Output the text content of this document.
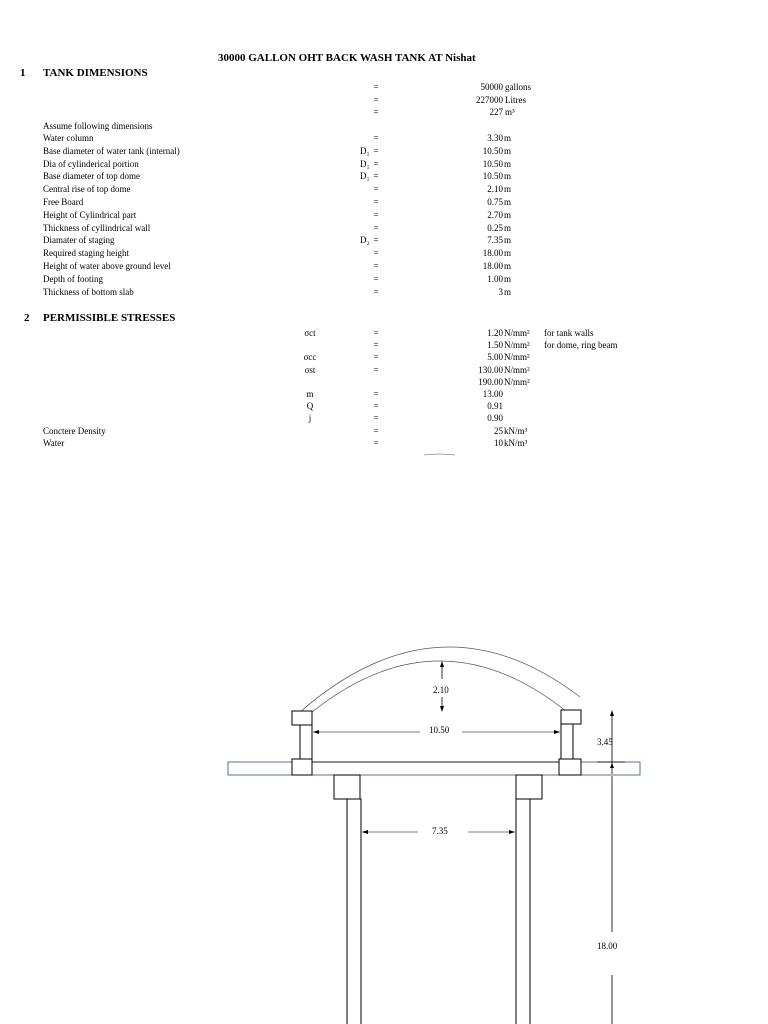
30000 GALLON OHT BACK WASH TANK AT Nishat
1 TANK DIMENSIONS
=	50000 gallons
=	227000 Litres
=	227 m³
Assume following dimensions
Water column	=	3.30 m
Base diameter of water tank (internal)	D₁ =	10.50 m
Dia of cylinderical portion	D₁ =	10.50 m
Base diameter of top dome	D₁ =	10.50 m
Central rise of top dome	=	2.10 m
Free Board	=	0.75 m
Height of Cylindrical part	=	2.70 m
Thickness of cyllindrical wall	=	0.25 m
Diamater of staging	D₂ =	7.35 m
Required staging height	=	18.00 m
Height of water above ground level	=	18.00 m
Depth of footing	=	1.00 m
Thickness of bottom slab	=	3 m
2 PERMISSIBLE STRESSES
σct	=	1.20 N/mm² for tank walls
=	1.50 N/mm² for dome, ring beam
σcc	=	5.00 N/mm²
σst	=	130.00 N/mm²
190.00 N/mm²
m	=	13.00
Q	=	0.91
j	=	0.90
Conctere Density	=	25 kN/m³
Water	=	10 kN/m³
2.10
10.50
3.45
7.35
18.00
